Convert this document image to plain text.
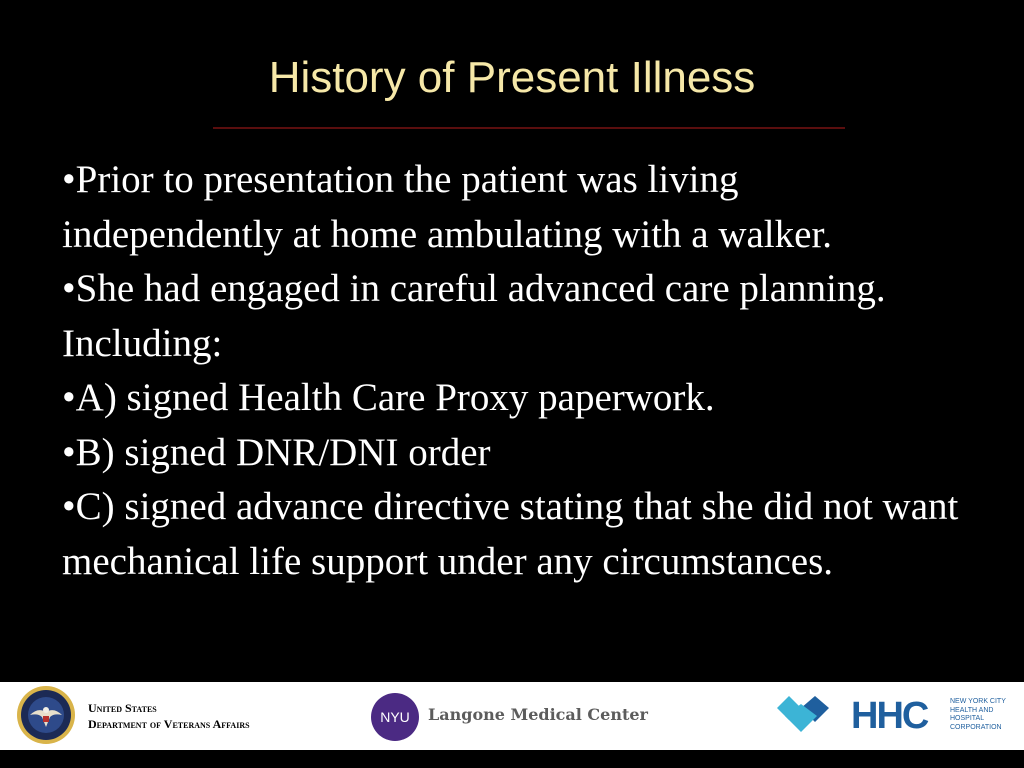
History of Present Illness

•Prior to presentation the patient was living independently at home ambulating with a walker.

•She had engaged in careful advanced care planning. Including:

•A) signed Health Care Proxy paperwork.

•B) signed DNR/DNI order

•C) signed advance directive stating that she did not want mechanical life support under any circumstances.

United States
Department of Veterans Affairs	NYU	Langone Medical Center	HHC	NEW YORK CITY
HEALTH AND
HOSPITAL
CORPORATION
